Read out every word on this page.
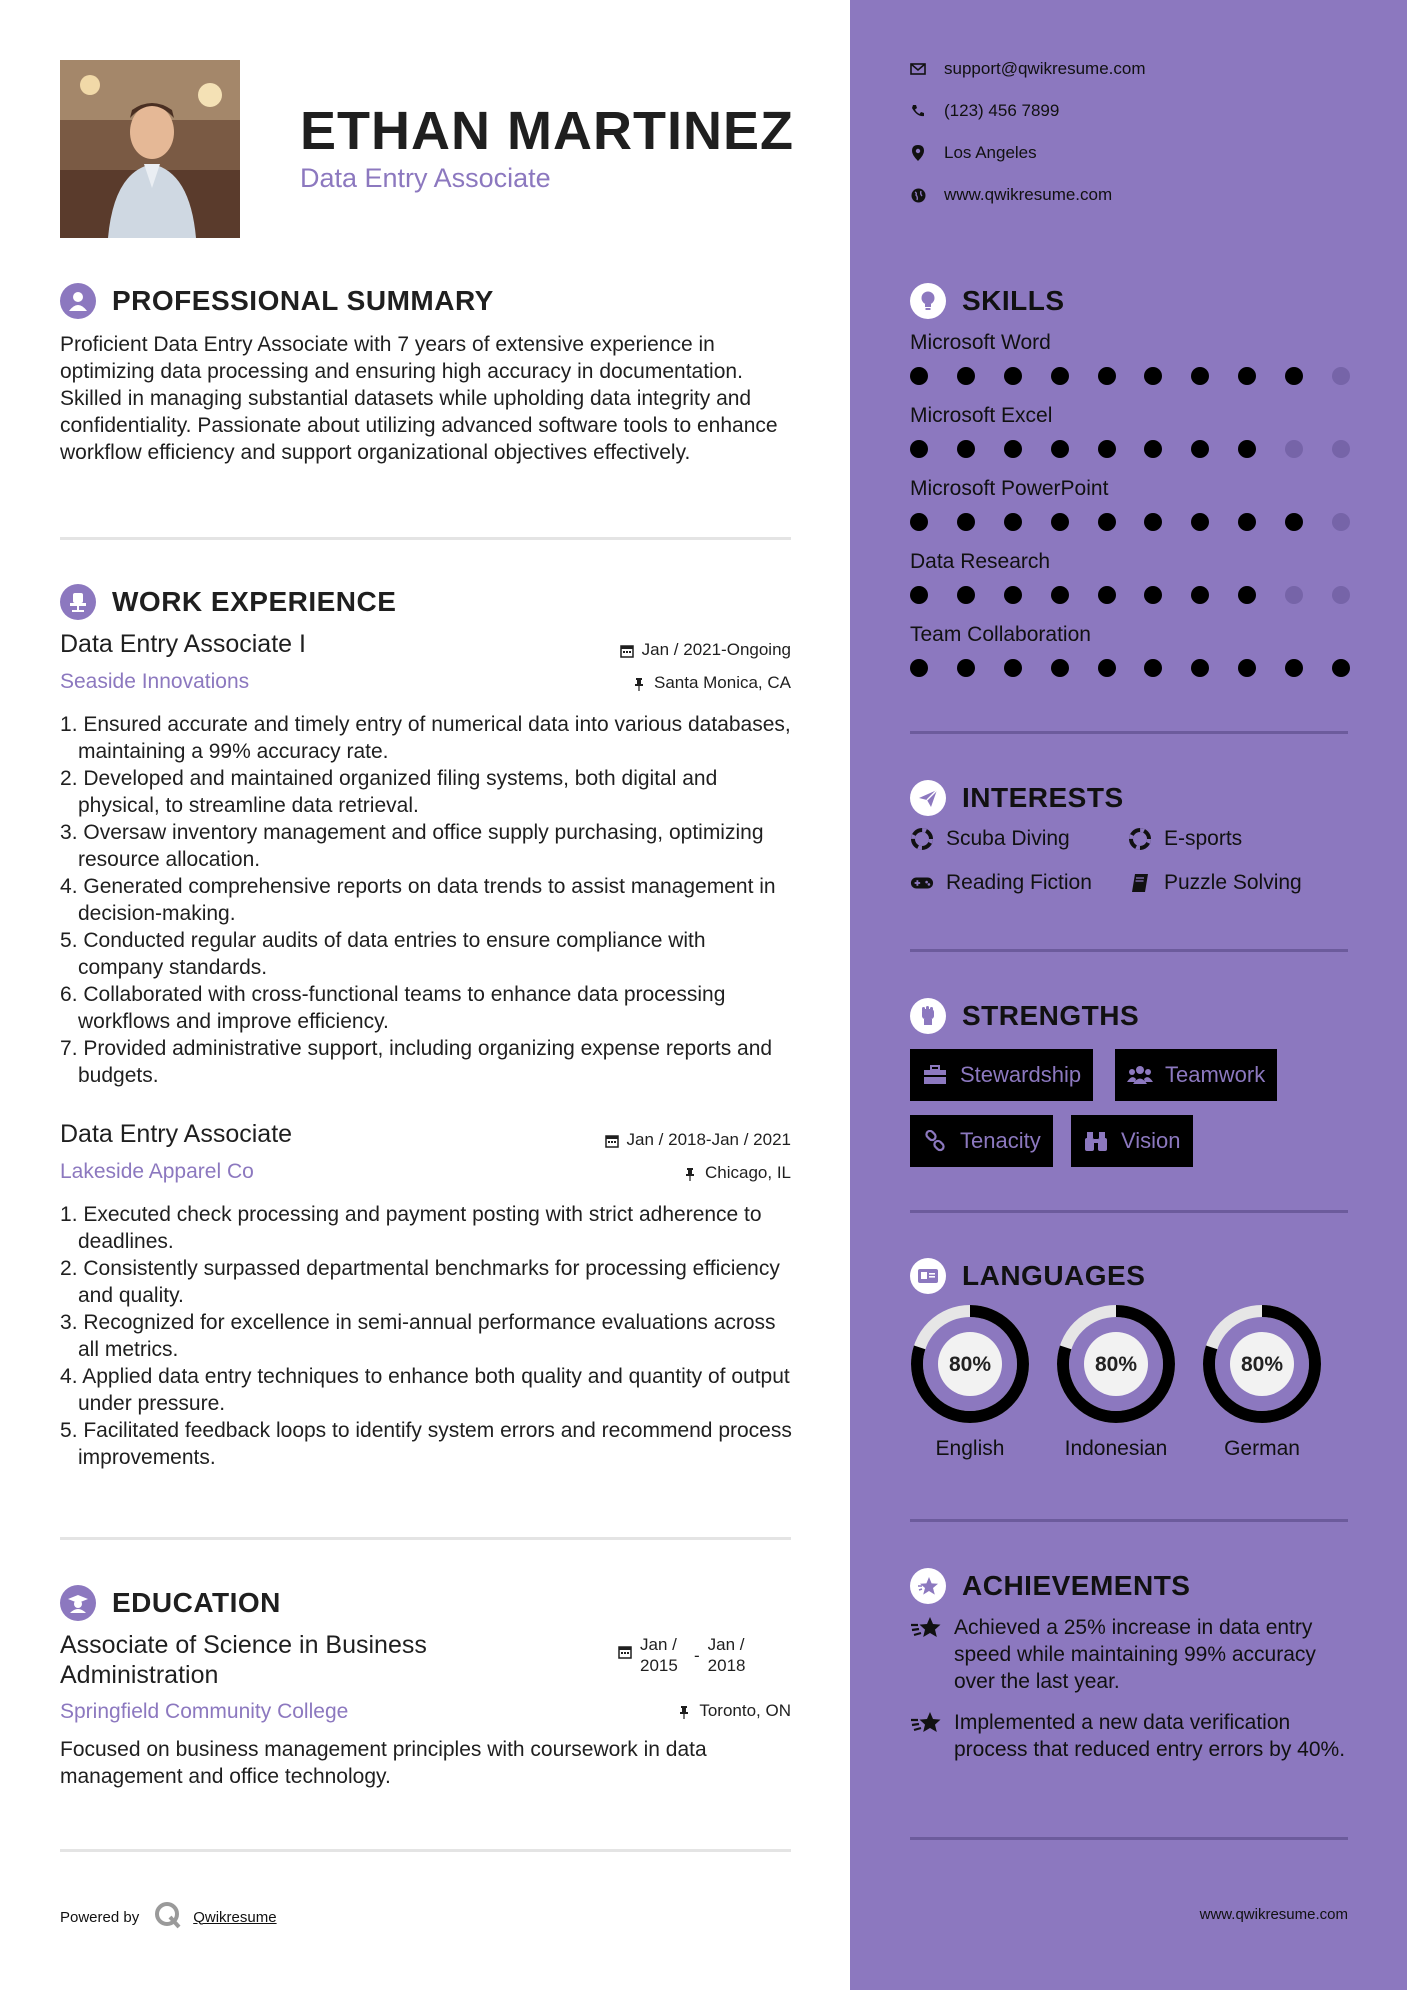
ETHAN MARTINEZ
Data Entry Associate
PROFESSIONAL SUMMARY
Proficient Data Entry Associate with 7 years of extensive experience in optimizing data processing and ensuring high accuracy in documentation. Skilled in managing substantial datasets while upholding data integrity and confidentiality. Passionate about utilizing advanced software tools to enhance workflow efficiency and support organizational objectives effectively.
WORK EXPERIENCE
Data Entry Associate I	Jan / 2021-Ongoing
Seaside Innovations	Santa Monica, CA
Ensured accurate and timely entry of numerical data into various databases, maintaining a 99% accuracy rate.
Developed and maintained organized filing systems, both digital and physical, to streamline data retrieval.
Oversaw inventory management and office supply purchasing, optimizing resource allocation.
Generated comprehensive reports on data trends to assist management in decision-making.
Conducted regular audits of data entries to ensure compliance with company standards.
Collaborated with cross-functional teams to enhance data processing workflows and improve efficiency.
Provided administrative support, including organizing expense reports and budgets.
Data Entry Associate	Jan / 2018-Jan / 2021
Lakeside Apparel Co	Chicago, IL
Executed check processing and payment posting with strict adherence to deadlines.
Consistently surpassed departmental benchmarks for processing efficiency and quality.
Recognized for excellence in semi-annual performance evaluations across all metrics.
Applied data entry techniques to enhance both quality and quantity of output under pressure.
Facilitated feedback loops to identify system errors and recommend process improvements.
EDUCATION
Associate of Science in Business Administration
Jan / 2015
-
Jan / 2018
Toronto, ON
Springfield Community College
Focused on business management principles with coursework in data management and office technology.
Powered by	Qwikresume
support@qwikresume.com
(123) 456 7899
Los Angeles
www.qwikresume.com
SKILLS
Microsoft Word
Microsoft Excel
Microsoft PowerPoint
Data Research
Team Collaboration
INTERESTS
Scuba Diving	E-sports
Reading Fiction	Puzzle Solving
STRENGTHS
Stewardship	Teamwork
Tenacity	Vision
LANGUAGES
80%
English
80%
Indonesian
80%
German
ACHIEVEMENTS
Achieved a 25% increase in data entry speed while maintaining 99% accuracy over the last year.
Implemented a new data verification process that reduced entry errors by 40%.
www.qwikresume.com
